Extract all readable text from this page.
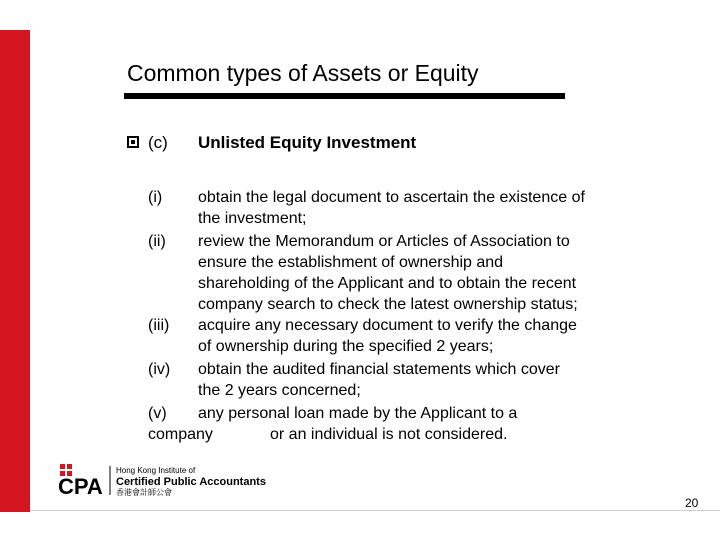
Common types of Assets or Equity
(c) Unlisted Equity Investment
(i) obtain the legal document to ascertain the existence of
the investment;
(ii) review the Memorandum or Articles of Association to
ensure the establishment of ownership and
shareholding of the Applicant and to obtain the recent
company search to check the latest ownership status;
(iii) acquire any necessary document to verify the change
of ownership during the specified 2 years;
(iv) obtain the audited financial statements which cover
the 2 years concerned;
(v) any personal loan made by the Applicant to a
company	or an individual is not considered.
CPA
Hong Kong Institute of
Certified Public Accountants
香港會計師公會
20
